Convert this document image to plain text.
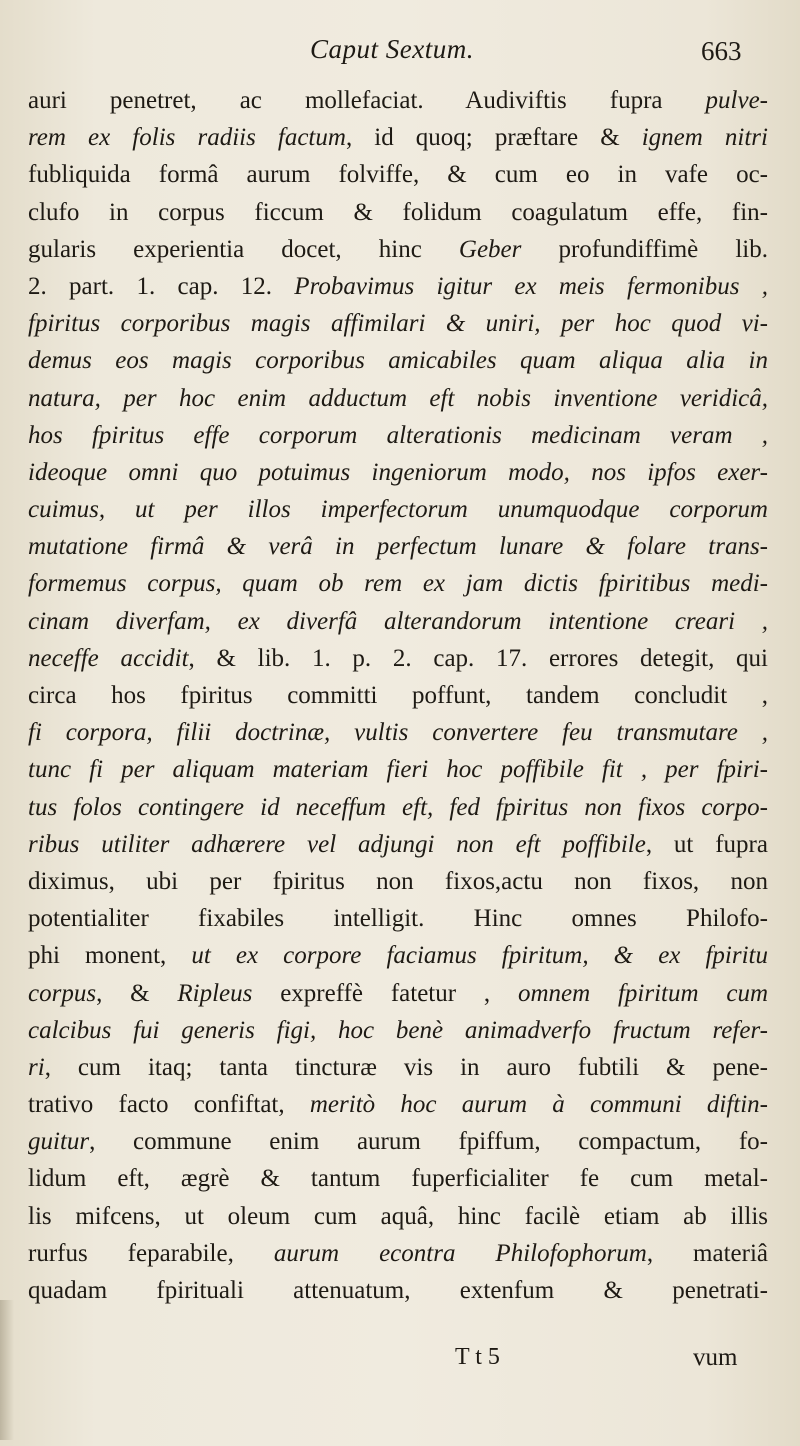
Caput Sextum.	663
auri penetret, ac mollefaciat. Audiviftis fupra pulve-
rem ex folis radiis factum, id quoq; præftare & ignem nitri
fubliquida formâ aurum folviffe, & cum eo in vafe oc-
clufo in corpus ficcum & folidum coagulatum effe, fin-
gularis experientia docet, hinc Geber profundiffimè lib.
2. part. 1. cap. 12. Probavimus igitur ex meis fermonibus ,
fpiritus corporibus magis affimilari & uniri, per hoc quod vi-
demus eos magis corporibus amicabiles quam aliqua alia in
natura, per hoc enim adductum eft nobis inventione veridicâ,
hos fpiritus effe corporum alterationis medicinam veram ,
ideoque omni quo potuimus ingeniorum modo, nos ipfos exer-
cuimus, ut per illos imperfectorum unumquodque corporum
mutatione firmâ & verâ in perfectum lunare & folare trans-
formemus corpus, quam ob rem ex jam dictis fpiritibus medi-
cinam diverfam, ex diverfâ alterandorum intentione creari ,
neceffe accidit, & lib. 1. p. 2. cap. 17. errores detegit, qui
circa hos fpiritus committi poffunt, tandem concludit ,
fi corpora, filii doctrinæ, vultis convertere feu transmutare ,
tunc fi per aliquam materiam fieri hoc poffibile fit , per fpiri-
tus folos contingere id neceffum eft, fed fpiritus non fixos corpo-
ribus utiliter adhærere vel adjungi non eft poffibile, ut fupra
diximus, ubi per fpiritus non fixos,actu non fixos, non
potentialiter fixabiles intelligit. Hinc omnes Philofo-
phi monent, ut ex corpore faciamus fpiritum, & ex fpiritu
corpus, & Ripleus expreffè fatetur , omnem fpiritum cum
calcibus fui generis figi, hoc benè animadverfo fructum refer-
ri, cum itaq; tanta tincturæ vis in auro fubtili & pene-
trativo facto confiftat, meritò hoc aurum à communi diftin-
guitur, commune enim aurum fpiffum, compactum, fo-
lidum eft, ægrè & tantum fuperficialiter fe cum metal-
lis mifcens, ut oleum cum aquâ, hinc facilè etiam ab illis
rurfus feparabile, aurum econtra Philofophorum, materiâ
quadam fpirituali attenuatum, extenfum & penetrati-
T t 5	vum
